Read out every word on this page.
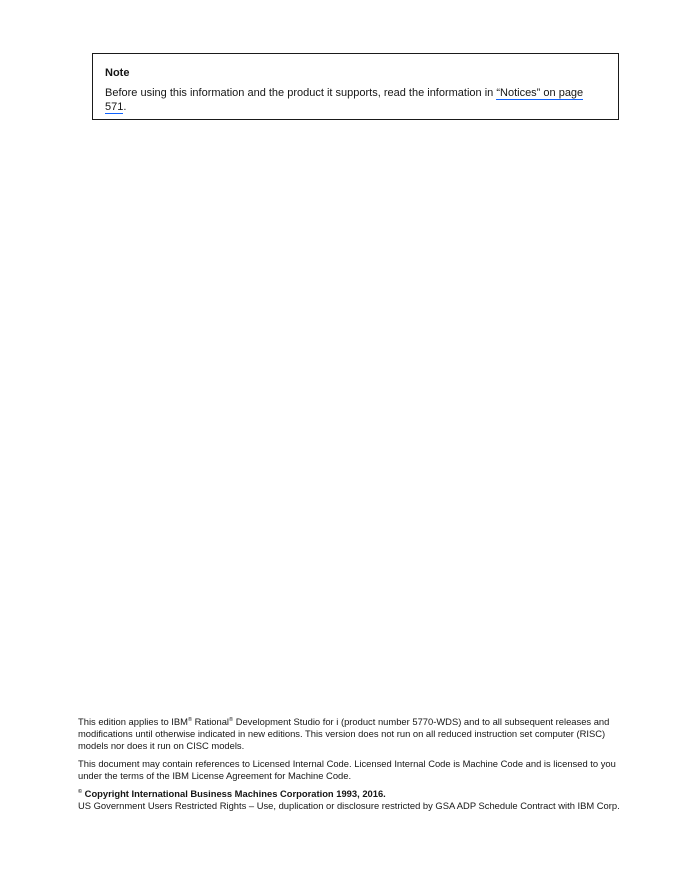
Note

Before using this information and the product it supports, read the information in “Notices” on page 571.

This edition applies to IBM® Rational® Development Studio for i (product number 5770-WDS) and to all subsequent releases and modifications until otherwise indicated in new editions. This version does not run on all reduced instruction set computer (RISC) models nor does it run on CISC models.

This document may contain references to Licensed Internal Code. Licensed Internal Code is Machine Code and is licensed to you under the terms of the IBM License Agreement for Machine Code.

© Copyright International Business Machines Corporation 1993, 2016.

US Government Users Restricted Rights – Use, duplication or disclosure restricted by GSA ADP Schedule Contract with IBM Corp.
